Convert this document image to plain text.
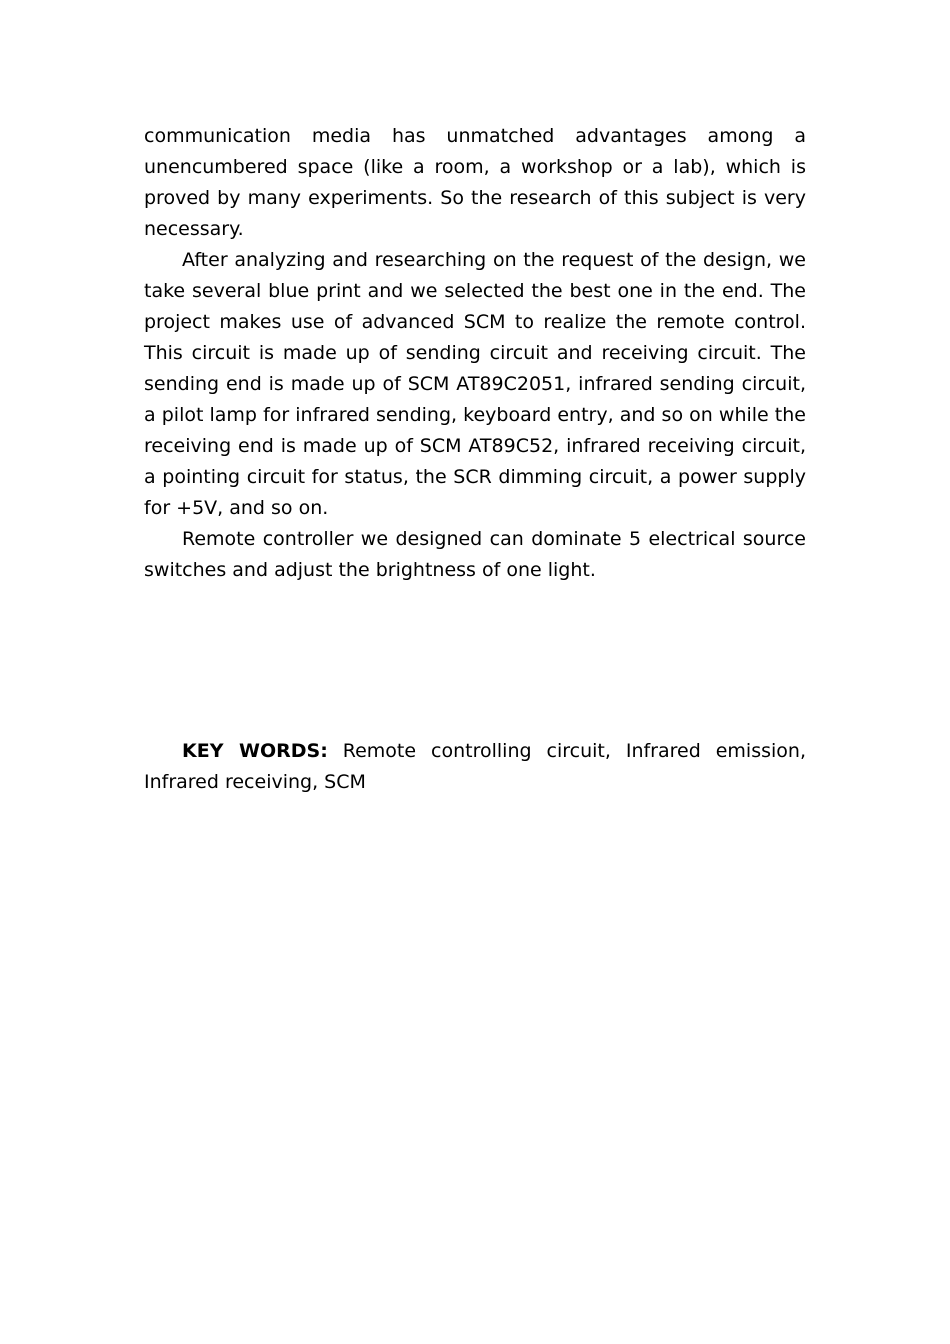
communication media has unmatched advantages among a unencumbered space (like a room, a workshop or a lab), which is proved by many experiments. So the research of this subject is very necessary.

After analyzing and researching on the request of the design, we take several blue print and we selected the best one in the end. The project makes use of advanced SCM to realize the remote control. This circuit is made up of sending circuit and receiving circuit. The sending end is made up of SCM AT89C2051, infrared sending circuit, a pilot lamp for infrared sending, keyboard entry, and so on while the receiving end is made up of SCM AT89C52, infrared receiving circuit, a pointing circuit for status, the SCR dimming circuit, a power supply for +5V, and so on.

Remote controller we designed can dominate 5 electrical source switches and adjust the brightness of one light.

KEY WORDS: Remote controlling circuit, Infrared emission, Infrared receiving, SCM
